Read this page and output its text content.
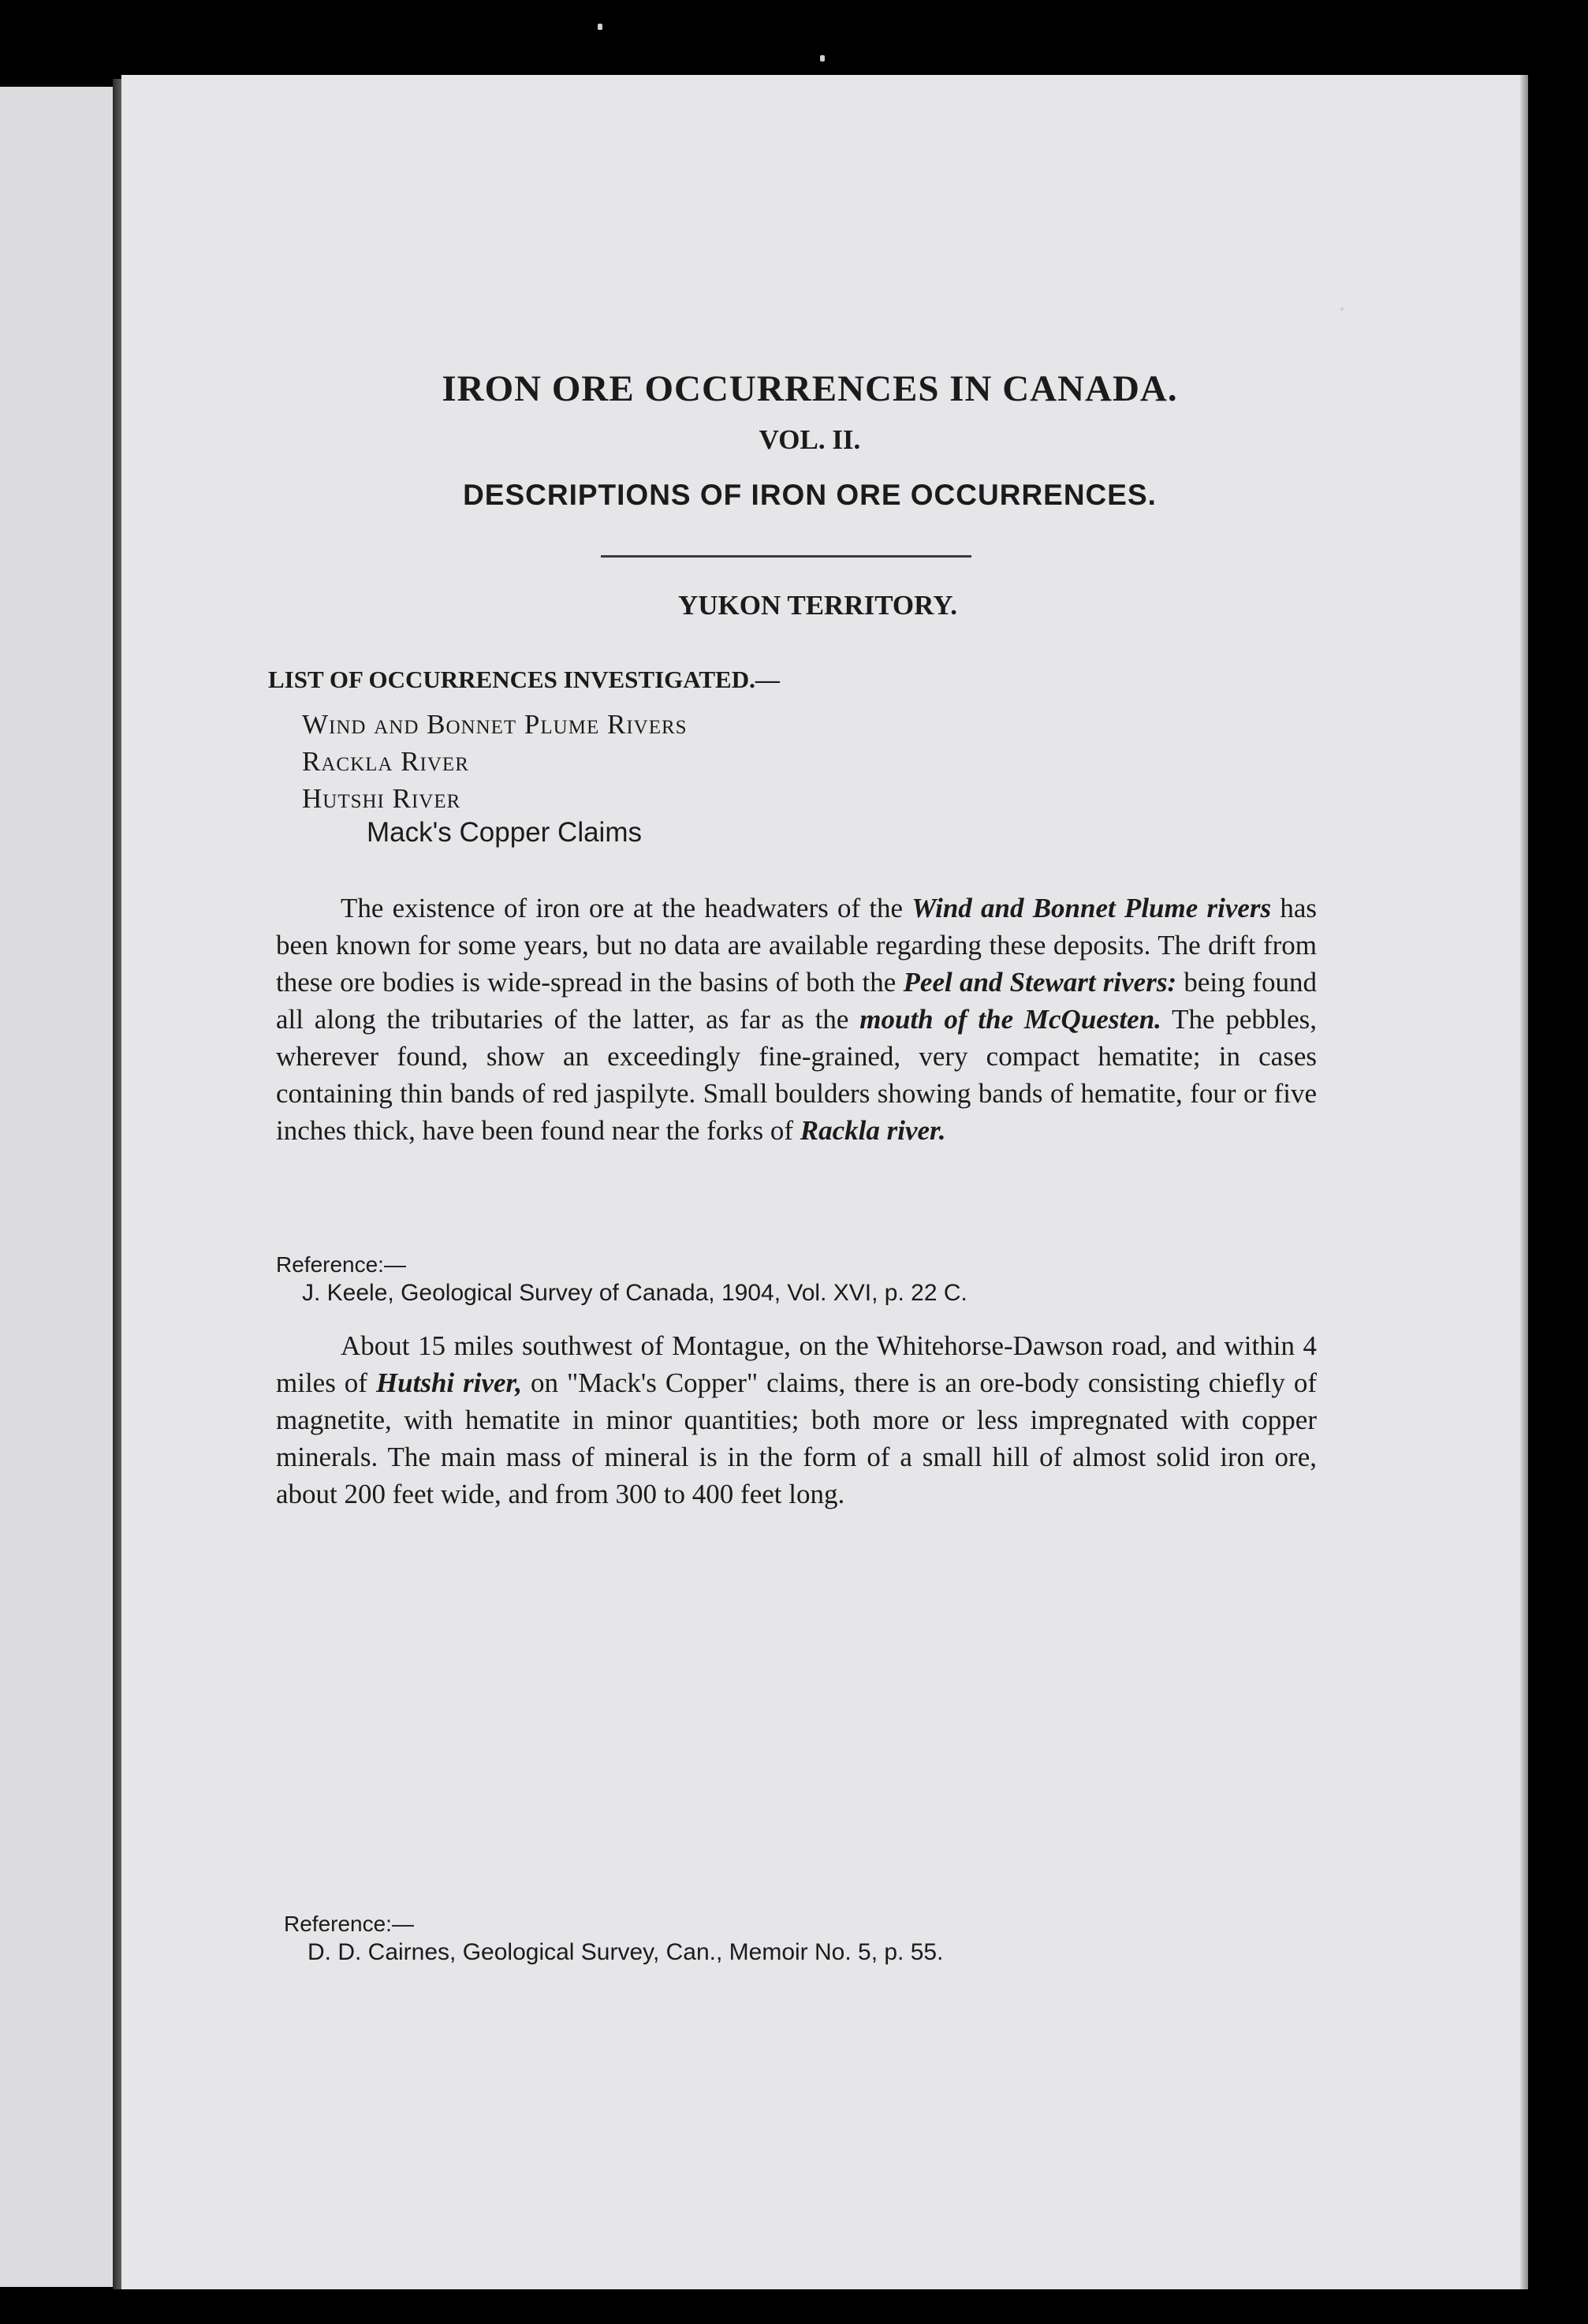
IRON ORE OCCURRENCES IN CANADA.
VOL. II.
DESCRIPTIONS OF IRON ORE OCCURRENCES.
YUKON TERRITORY.

LIST OF OCCURRENCES INVESTIGATED.—

Wind and Bonnet Plume Rivers
Rackla River
Hutshi River
Mack's Copper Claims

The existence of iron ore at the headwaters of the Wind and Bonnet Plume rivers has been known for some years, but no data are available regarding these deposits. The drift from these ore bodies is wide-spread in the basins of both the Peel and Stewart rivers: being found all along the tributaries of the latter, as far as the mouth of the McQuesten. The pebbles, wherever found, show an exceedingly fine-grained, very compact hematite; in cases containing thin bands of red jaspilyte. Small boulders showing bands of hematite, four or five inches thick, have been found near the forks of Rackla river.

Reference:—

J. Keele, Geological Survey of Canada, 1904, Vol. XVI, p. 22 C.

About 15 miles southwest of Montague, on the Whitehorse-Dawson road, and within 4 miles of Hutshi river, on "Mack's Copper" claims, there is an ore-body consisting chiefly of magnetite, with hematite in minor quantities; both more or less impregnated with copper minerals. The main mass of mineral is in the form of a small hill of almost solid iron ore, about 200 feet wide, and from 300 to 400 feet long.

Reference:—

D. D. Cairnes, Geological Survey, Can., Memoir No. 5, p. 55.
